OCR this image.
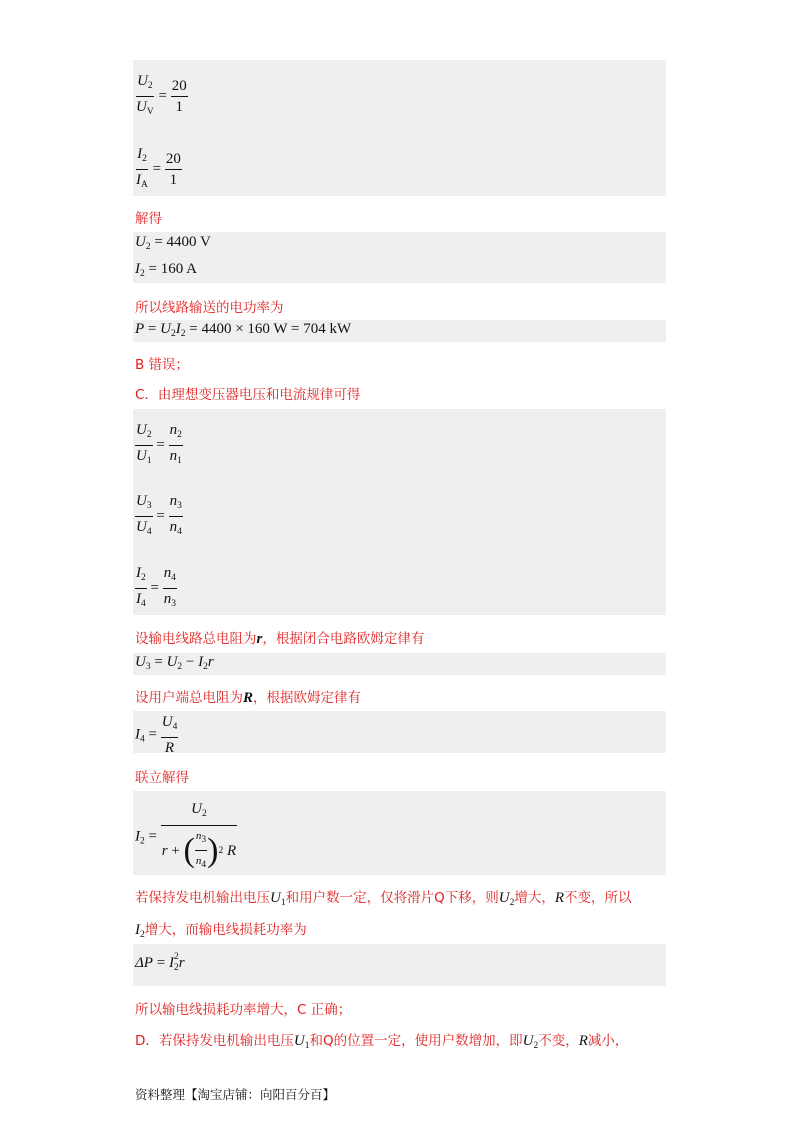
$\frac{U_2}{U_V} = \frac{20}{1}$
$\frac{I_2}{I_A} = \frac{20}{1}$
解得
$U_2 = 4400$ V
$I_2 = 160$ A
所以线路输送的电功率为
$P = U_2I_2 = 4400 \times 160$ W = 704 kW
B 错误；
C．由理想变压器电压和电流规律可得
$\frac{U_2}{U_1} = \frac{n_2}{n_1}$
$\frac{U_3}{U_4} = \frac{n_3}{n_4}$
$\frac{I_2}{I_4} = \frac{n_4}{n_3}$
设输电线路总电阻为r，根据闭合电路欧姆定律有
$U_3 = U_2 - I_2r$
设用户端总电阻为R，根据欧姆定律有
$I_4 = \frac{U_4}{R}$
联立解得
$I_2 = U_2$
r
+
( $\frac{n3}{n4}$ ) 2
R
若保持发电机输出电压$U_1$和用户数一定，仅将滑片Q下移，则$U_2$增大，R不变，所以
$I_2$增大，而输电线损耗功率为
ΔP = I $_{2 2}$r
所以输电线损耗功率增大，C 正确；
D．若保持发电机输出电压$U_1$和Q的位置一定，使用户数增加，即$U_2$不变，R减小，
资料整理【淘宝店铺：向阳百分百】
